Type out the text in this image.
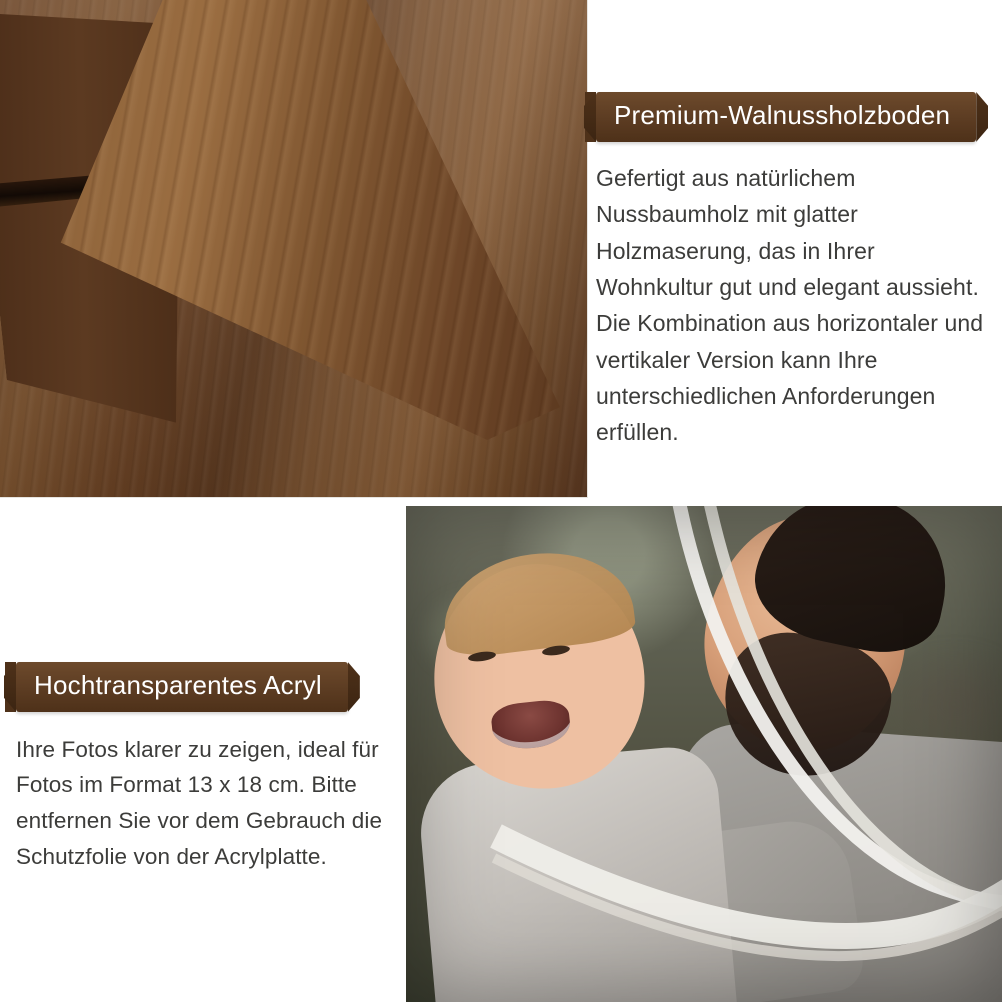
Premium-Walnussholzboden
Gefertigt aus natürlichem Nussbaumholz mit glatter Holzmaserung, das in Ihrer Wohnkultur gut und elegant aussieht. Die Kombination aus horizontaler und vertikaler Version kann Ihre unterschiedlichen Anforderungen erfüllen.
Hochtransparentes Acryl
Ihre Fotos klarer zu zeigen, ideal für Fotos im Format 13 x 18 cm. Bitte entfernen Sie vor dem Gebrauch die Schutzfolie von der Acrylplatte.
